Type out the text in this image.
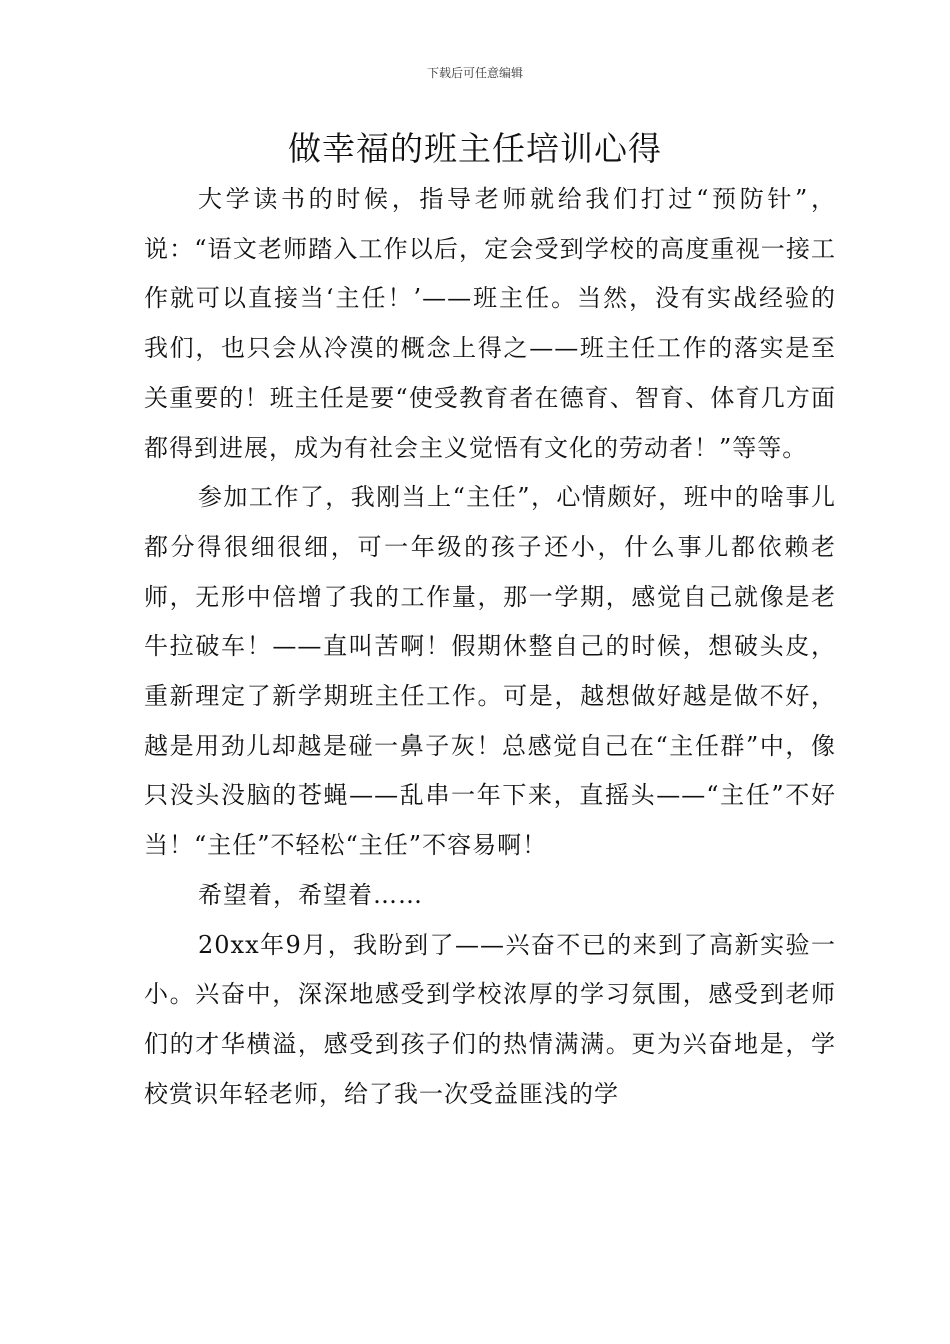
下载后可任意编辑
做幸福的班主任培训心得

大学读书的时候，指导老师就给我们打过“预防针”，说：“语文老师踏入工作以后，定会受到学校的高度重视一接工作就可以直接当‘主任！’——班主任。当然，没有实战经验的我们，也只会从冷漠的概念上得之——班主任工作的落实是至关重要的！班主任是要“使受教育者在德育、智育、体育几方面都得到进展，成为有社会主义觉悟有文化的劳动者！”等等。

参加工作了，我刚当上“主任”，心情颇好，班中的啥事儿都分得很细很细，可一年级的孩子还小，什么事儿都依赖老师，无形中倍增了我的工作量，那一学期，感觉自己就像是老牛拉破车！——直叫苦啊！假期休整自己的时候，想破头皮，重新理定了新学期班主任工作。可是，越想做好越是做不好，越是用劲儿却越是碰一鼻子灰！总感觉自己在“主任群”中，像只没头没脑的苍蝇——乱串一年下来，直摇头——“主任”不好当！“主任”不轻松“主任”不容易啊！

希望着，希望着……

20xx年9月，我盼到了——兴奋不已的来到了高新实验一小。兴奋中，深深地感受到学校浓厚的学习氛围，感受到老师们的才华横溢，感受到孩子们的热情满满。更为兴奋地是，学校赏识年轻老师，给了我一次受益匪浅的学
